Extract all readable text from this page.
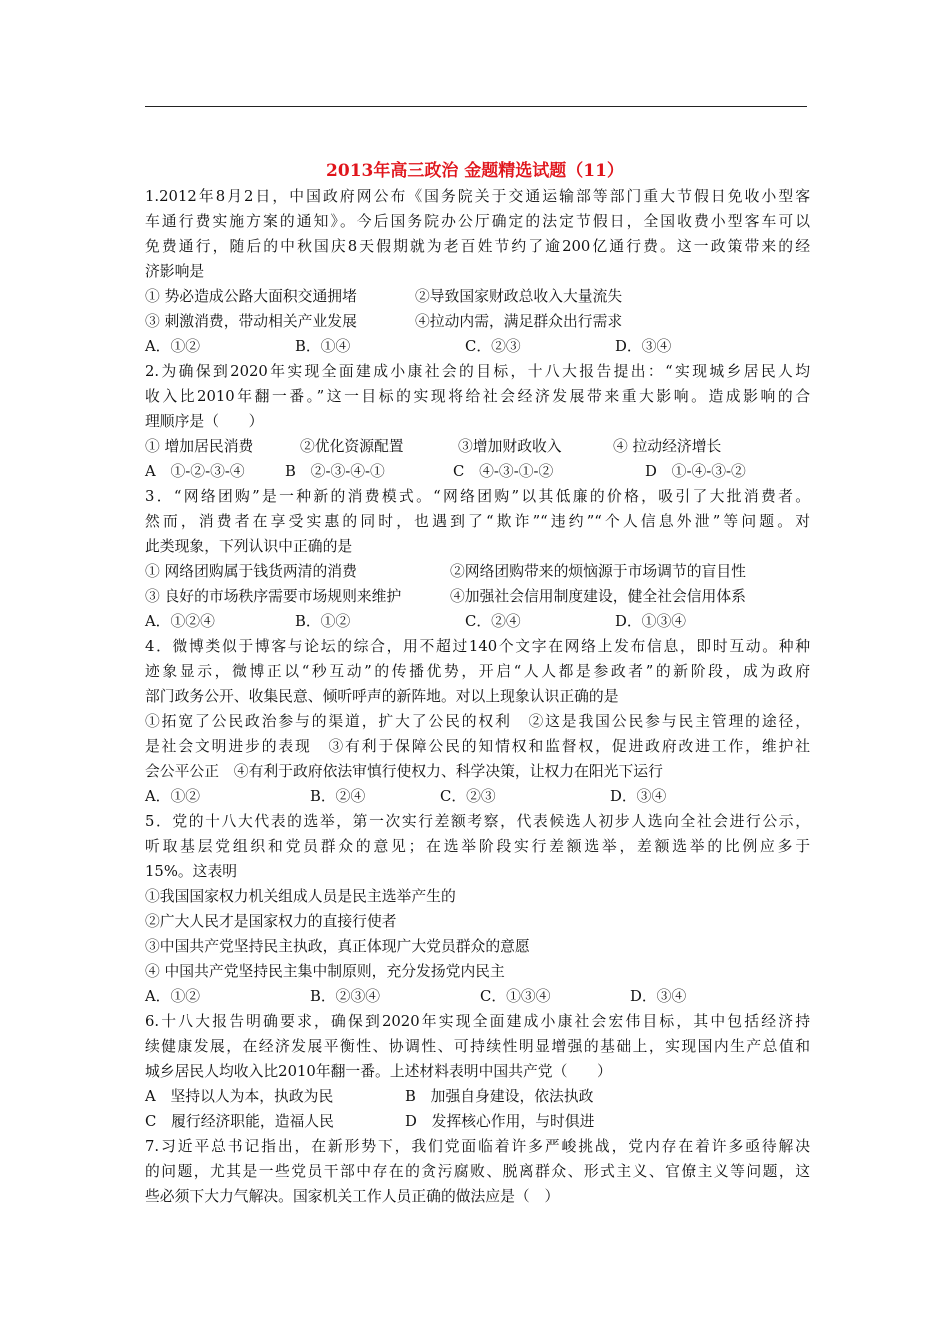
2013年高三政治 金题精选试题（11）
1.2012年8月2日，中国政府网公布《国务院关于交通运输部等部门重大节假日免收小型客
车通行费实施方案的通知》。今后国务院办公厅确定的法定节假日，全国收费小型客车可以
免费通行，随后的中秋国庆8天假期就为老百姓节约了逾200亿通行费。这一政策带来的经
济影响是
① 势必造成公路大面积交通拥堵	②导致国家财政总收入大量流失
③ 刺激消费，带动相关产业发展	④拉动内需，满足群众出行需求
A．①②	B．①④	C．②③	D．③④
2.为确保到2020年实现全面建成小康社会的目标，十八大报告提出：“实现城乡居民人均
收入比2010年翻一番。”这一目标的实现将给社会经济发展带来重大影响。造成影响的合
理顺序是（　　）
① 增加居民消费	②优化资源配置	③增加财政收入	④ 拉动经济增长
A　①-②-③-④	B　②-③-④-①	C　④-③-①-②	D　①-④-③-②
3．“网络团购”是一种新的消费模式。“网络团购”以其低廉的价格，吸引了大批消费者。
然而，消费者在享受实惠的同时，也遇到了“欺诈”“违约”“个人信息外泄”等问题。对
此类现象，下列认识中正确的是
① 网络团购属于钱货两清的消费	②网络团购带来的烦恼源于市场调节的盲目性
③ 良好的市场秩序需要市场规则来维护	④加强社会信用制度建设，健全社会信用体系
A．①②④	B．①②	C．②④	D．①③④
4．微博类似于博客与论坛的综合，用不超过140个文字在网络上发布信息，即时互动。种种
迹象显示，微博正以“秒互动”的传播优势，开启“人人都是参政者”的新阶段，成为政府
部门政务公开、收集民意、倾听呼声的新阵地。对以上现象认识正确的是
①拓宽了公民政治参与的渠道，扩大了公民的权利　②这是我国公民参与民主管理的途径，
是社会文明进步的表现　③有利于保障公民的知情权和监督权，促进政府改进工作，维护社
会公平公正　④有利于政府依法审慎行使权力、科学决策，让权力在阳光下运行
A．①②	B．②④	C．②③	D．③④
5．党的十八大代表的选举，第一次实行差额考察，代表候选人初步人选向全社会进行公示，
听取基层党组织和党员群众的意见；在选举阶段实行差额选举，差额选举的比例应多于
15%。这表明
①我国国家权力机关组成人员是民主选举产生的
②广大人民才是国家权力的直接行使者
③中国共产党坚持民主执政，真正体现广大党员群众的意愿
④ 中国共产党坚持民主集中制原则，充分发扬党内民主
A．①②	B．②③④	C．①③④	D．③④
6.十八大报告明确要求，确保到2020年实现全面建成小康社会宏伟目标，其中包括经济持
续健康发展，在经济发展平衡性、协调性、可持续性明显增强的基础上，实现国内生产总值和
城乡居民人均收入比2010年翻一番。上述材料表明中国共产党（　　）
A　坚持以人为本，执政为民	B　加强自身建设，依法执政
C　履行经济职能，造福人民	D　发挥核心作用，与时俱进
7.习近平总书记指出，在新形势下，我们党面临着许多严峻挑战，党内存在着许多亟待解决
的问题，尤其是一些党员干部中存在的贪污腐败、脱离群众、形式主义、官僚主义等问题，这
些必须下大力气解决。国家机关工作人员正确的做法应是（　）
